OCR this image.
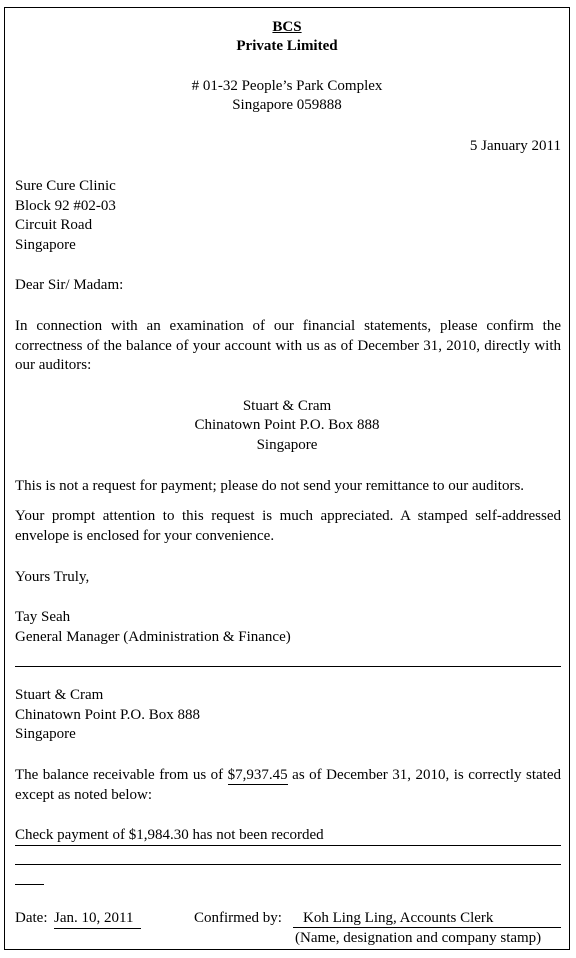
BCS
Private Limited
# 01-32 People’s Park Complex
Singapore 059888
5 January 2011
Sure Cure Clinic
Block 92 #02-03
Circuit Road
Singapore
Dear Sir/ Madam:
In connection with an examination of our financial statements, please confirm the correctness of the balance of your account with us as of December 31, 2010, directly with our auditors:
Stuart & Cram
Chinatown Point P.O. Box 888
Singapore
This is not a request for payment; please do not send your remittance to our auditors.
Your prompt attention to this request is much appreciated. A stamped self-addressed envelope is enclosed for your convenience.
Yours Truly,
Tay Seah
General Manager (Administration & Finance)
Stuart & Cram
Chinatown Point P.O. Box 888
Singapore
The balance receivable from us of $7,937.45 as of December 31, 2010, is correctly stated except as noted below:
Check payment of $1,984.30 has not been recorded
Date: Jan. 10, 2011	Confirmed by:	Koh Ling Ling, Accounts Clerk
(Name, designation and company stamp)
